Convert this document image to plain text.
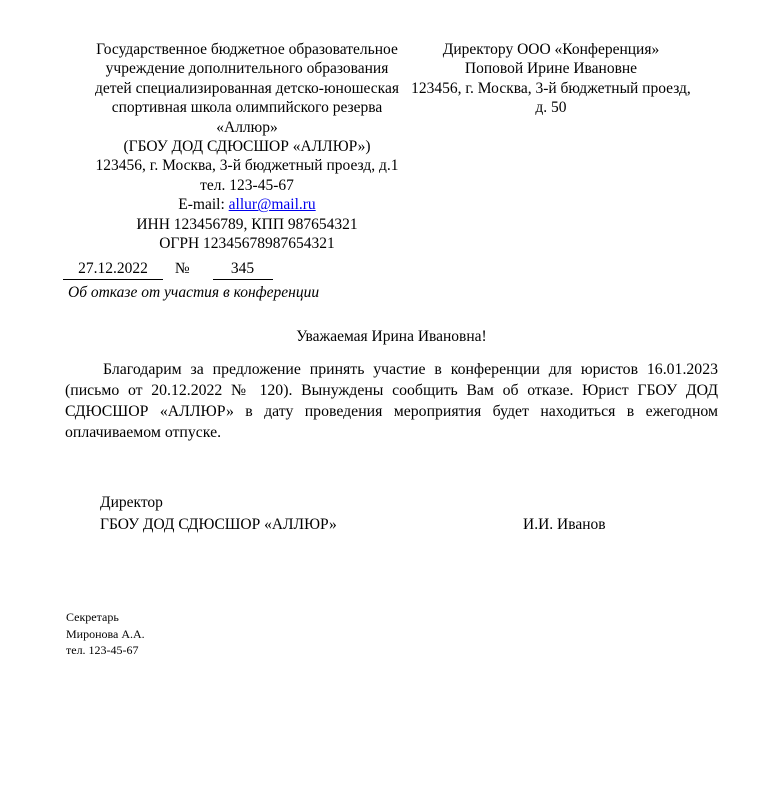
Государственное бюджетное образовательное
учреждение дополнительного образования
детей специализированная детско-юношеская
спортивная школа олимпийского резерва
«Аллюр»
(ГБОУ ДОД СДЮСШОР «АЛЛЮР»)
123456, г. Москва, 3-й бюджетный проезд, д.1
тел. 123-45-67
E-mail: allur@mail.ru
ИНН 123456789, КПП 987654321
ОГРН 12345678987654321
Директору ООО «Конференция»
Поповой Ирине Ивановне
123456, г. Москва, 3-й бюджетный проезд, д. 50
27.12.2022 №	345
Об отказе от участия в конференции
Уважаемая Ирина Ивановна!

Благодарим за предложение принять участие в конференции для юристов 16.01.2023 (письмо от 20.12.2022 № 120). Вынуждены сообщить Вам об отказе. Юрист ГБОУ ДОД СДЮСШОР «АЛЛЮР» в дату проведения мероприятия будет находиться в ежегодном оплачиваемом отпуске.

Директор
ГБОУ ДОД СДЮСШОР «АЛЛЮР»	И.И. Иванов
Секретарь
Миронова А.А.
тел. 123-45-67
